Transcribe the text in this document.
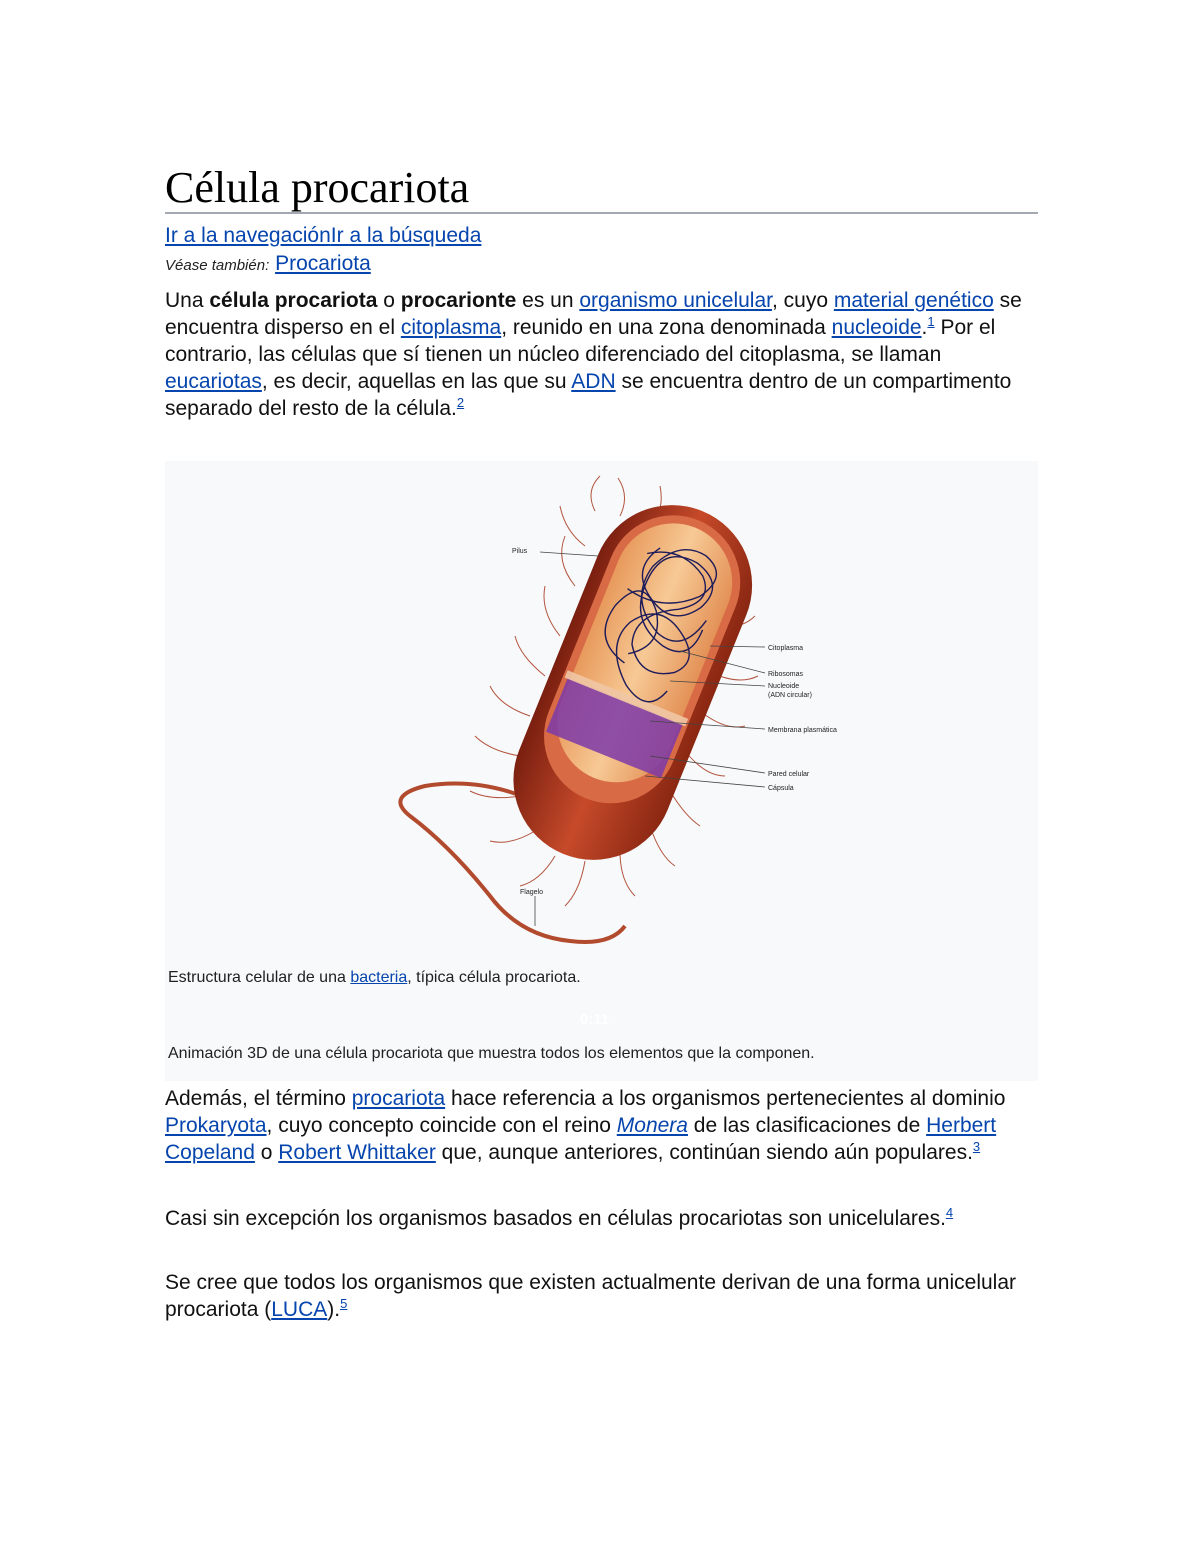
Célula procariota
Ir a la navegaciónIr a la búsqueda
Véase también: Procariota

Una célula procariota o procarionte es un organismo unicelular, cuyo material genético se encuentra disperso en el citoplasma, reunido en una zona denominada nucleoide.$^1$ Por el contrario, las células que sí tienen un núcleo diferenciado del citoplasma, se llaman eucariotas, es decir, aquellas en las que su ADN se encuentra dentro de un compartimento separado del resto de la célula.$^2$

Pilus
Citoplasma
Ribosomas
Nucleoide
(ADN circular)
Membrana plasmática
Pared celular
Cápsula
Flagelo
Estructura celular de una bacteria, típica célula procariota.
0:11
Animación 3D de una célula procariota que muestra todos los elementos que la componen.

Además, el término procariota hace referencia a los organismos pertenecientes al dominio Prokaryota, cuyo concepto coincide con el reino Monera de las clasificaciones de Herbert Copeland o Robert Whittaker que, aunque anteriores, continúan siendo aún populares.$^3$

Casi sin excepción los organismos basados en células procariotas son unicelulares.$^4$

Se cree que todos los organismos que existen actualmente derivan de una forma unicelular procariota (LUCA).$^5$
